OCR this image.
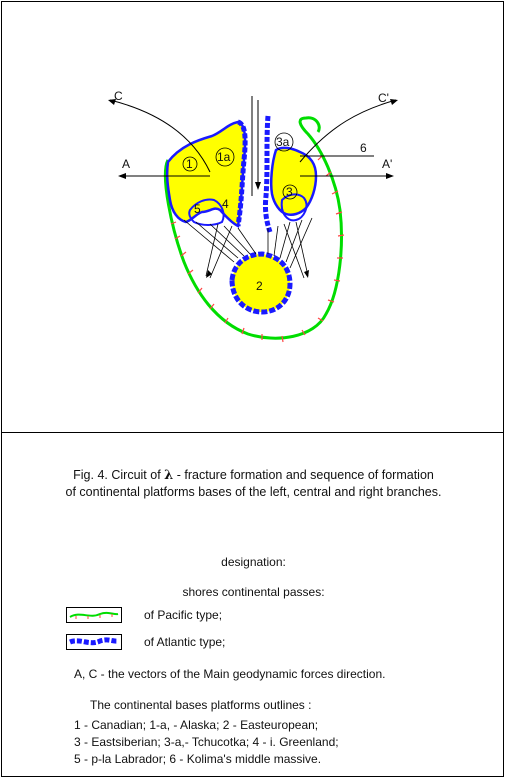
C	C'
A	A'
1 1a
3a
3
4
5
6
2
Fig. 4. Circuit of λ - fracture formation and sequence of formation
of continental platforms bases of the left, central and right branches.
designation:
shores continental passes:
of Pacific type;
of Atlantic type;
A, C - the vectors of the Main geodynamic forces direction.
The continental bases platforms outlines :
1 - Canadian; 1-a, - Alaska; 2 - Easteuropean;
3 - Eastsiberian; 3-a,- Tchucotka; 4 - i. Greenland;
5 - p-la Labrador; 6 - Kolima's middle massive.
